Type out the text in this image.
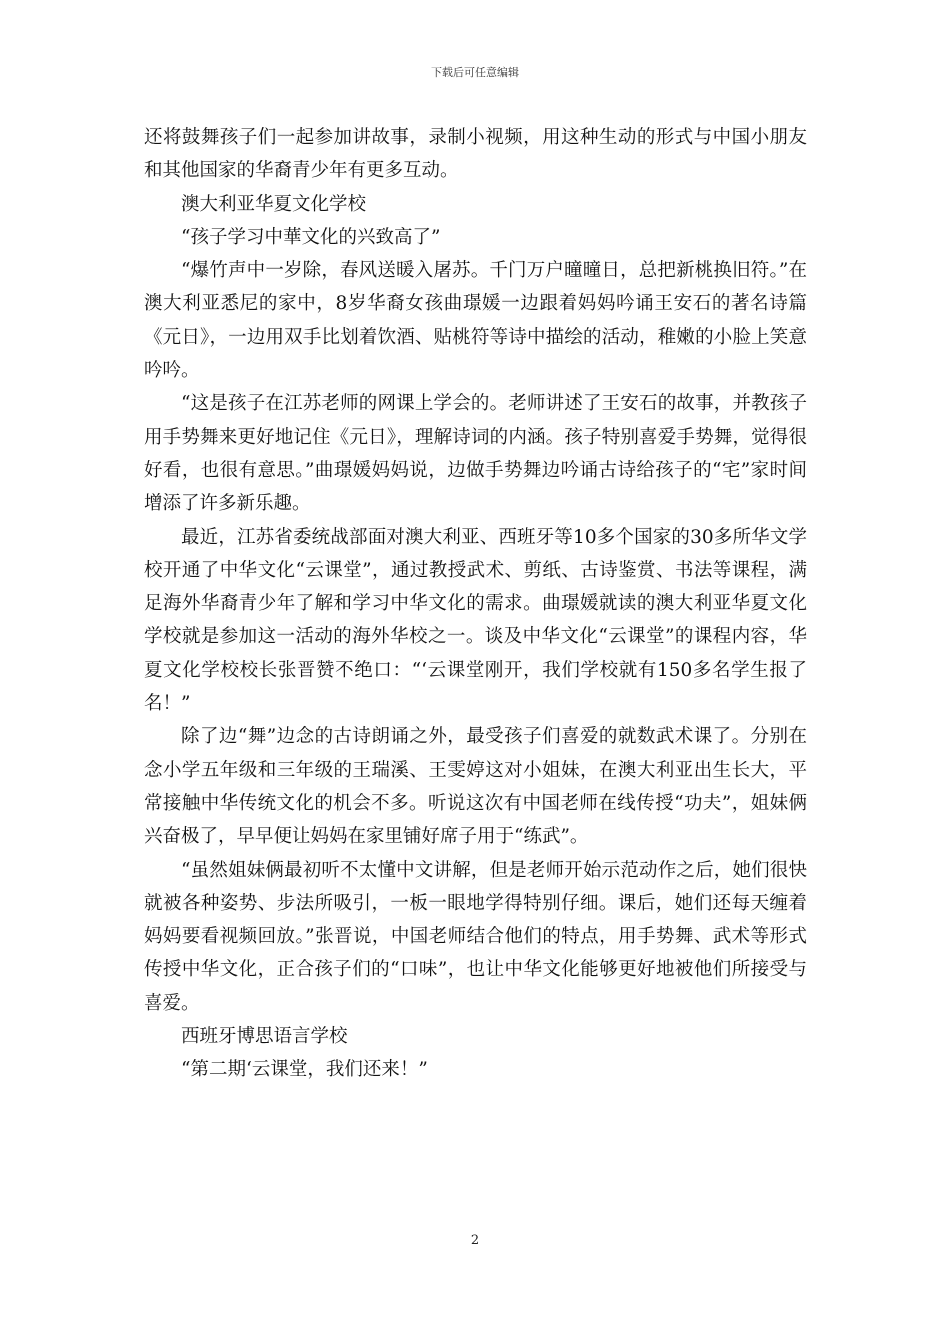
下载后可任意编辑

还将鼓舞孩子们一起参加讲故事，录制小视频，用这种生动的形式与中国小朋友和其他国家的华裔青少年有更多互动。

澳大利亚华夏文化学校

“孩子学习中華文化的兴致高了”

“爆竹声中一岁除，春风送暖入屠苏。千门万户曈曈日，总把新桃换旧符。”在澳大利亚悉尼的家中，8岁华裔女孩曲璟媛一边跟着妈妈吟诵王安石的著名诗篇《元日》，一边用双手比划着饮酒、贴桃符等诗中描绘的活动，稚嫩的小脸上笑意吟吟。

“这是孩子在江苏老师的网课上学会的。老师讲述了王安石的故事，并教孩子用手势舞来更好地记住《元日》，理解诗词的内涵。孩子特别喜爱手势舞，觉得很好看，也很有意思。”曲璟媛妈妈说，边做手势舞边吟诵古诗给孩子的“宅”家时间增添了许多新乐趣。

最近，江苏省委统战部面对澳大利亚、西班牙等10多个国家的30多所华文学校开通了中华文化“云课堂”，通过教授武术、剪纸、古诗鉴赏、书法等课程，满足海外华裔青少年了解和学习中华文化的需求。曲璟媛就读的澳大利亚华夏文化学校就是参加这一活动的海外华校之一。谈及中华文化“云课堂”的课程内容，华夏文化学校校长张晋赞不绝口：“‘云课堂刚开，我们学校就有150多名学生报了名！”

除了边“舞”边念的古诗朗诵之外，最受孩子们喜爱的就数武术课了。分别在念小学五年级和三年级的王瑞溪、王雯婷这对小姐妹，在澳大利亚出生长大，平常接触中华传统文化的机会不多。听说这次有中国老师在线传授“功夫”，姐妹俩兴奋极了，早早便让妈妈在家里铺好席子用于“练武”。

“虽然姐妹俩最初听不太懂中文讲解，但是老师开始示范动作之后，她们很快就被各种姿势、步法所吸引，一板一眼地学得特别仔细。课后，她们还每天缠着妈妈要看视频回放。”张晋说，中国老师结合他们的特点，用手势舞、武术等形式传授中华文化，正合孩子们的“口味”，也让中华文化能够更好地被他们所接受与喜爱。

西班牙博思语言学校

“第二期‘云课堂，我们还来！”

2
